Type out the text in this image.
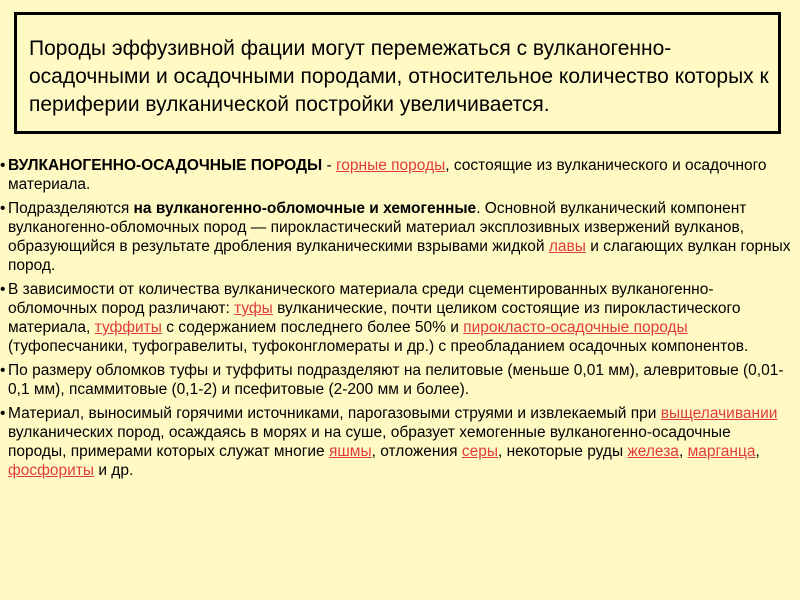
Породы эффузивной фации могут перемежаться с вулканогенно-осадочными и осадочными породами, относительное количество которых к периферии вулканической постройки увеличивается.

• ВУЛКАНОГЕННО-ОСАДОЧНЫЕ ПОРОДЫ - горные породы, состоящие из вулканического и осадочного материала.

• Подразделяются на вулканогенно-обломочные и хемогенные. Основной вулканический компонент вулканогенно-обломочных пород — пирокластический материал эксплозивных извержений вулканов, образующийся в результате дробления вулканическими взрывами жидкой лавы и слагающих вулкан горных пород.

• В зависимости от количества вулканического материала среди сцементированных вулканогенно-обломочных пород различают: туфы вулканические, почти целиком состоящие из пирокластического материала, туффиты с содержанием последнего более 50% и пирокласто-осадочные породы (туфопесчаники, туфогравелиты, туфоконгломераты и др.) с преобладанием осадочных компонентов.

• По размеру обломков туфы и туффиты подразделяют на пелитовые (меньше 0,01 мм), алевритовые (0,01-0,1 мм), псаммитовые (0,1-2) и псефитовые (2-200 мм и более).

• Материал, выносимый горячими источниками, парогазовыми струями и извлекаемый при выщелачивании вулканических пород, осаждаясь в морях и на суше, образует хемогенные вулканогенно-осадочные породы, примерами которых служат многие яшмы, отложения серы, некоторые руды железа, марганца, фосфориты и др.
